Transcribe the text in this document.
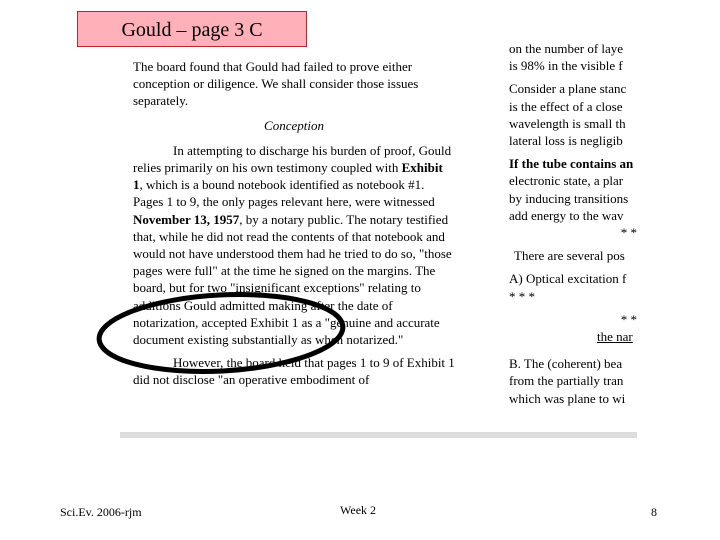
Gould – page 3 C

The board found that Gould had failed to prove either conception or diligence. We shall consider those issues separately.

Conception

In attempting to discharge his burden of proof, Gould relies primarily on his own testimony coupled with Exhibit 1, which is a bound notebook identified as notebook #1. Pages 1 to 9, the only pages relevant here, were witnessed November 13, 1957, by a notary public. The notary testified that, while he did not read the contents of that notebook and would not have understood them had he tried to do so, "those pages were full" at the time he signed on the margins. The board, but for two "insignificant exceptions" relating to additions Gould admitted making after the date of notarization, accepted Exhibit 1 as a "genuine and accurate document existing substantially as when notarized."

However, the board held that pages 1 to 9 of Exhibit 1 did not disclose "an operative embodiment of

on the number of laye

is 98% in the visible f

Consider a plane stanc

is the effect of a close

wavelength is small th

lateral loss is negligib

If the tube contains an

electronic state, a plar

by inducing transitions

add energy to the wav

* *

There are several pos

A) Optical excitation f

* * *

* *

the nar

B. The (coherent) bea

from the partially tran

which was plane to wi

Sci.Ev. 2006-rjm	Week 2	8
